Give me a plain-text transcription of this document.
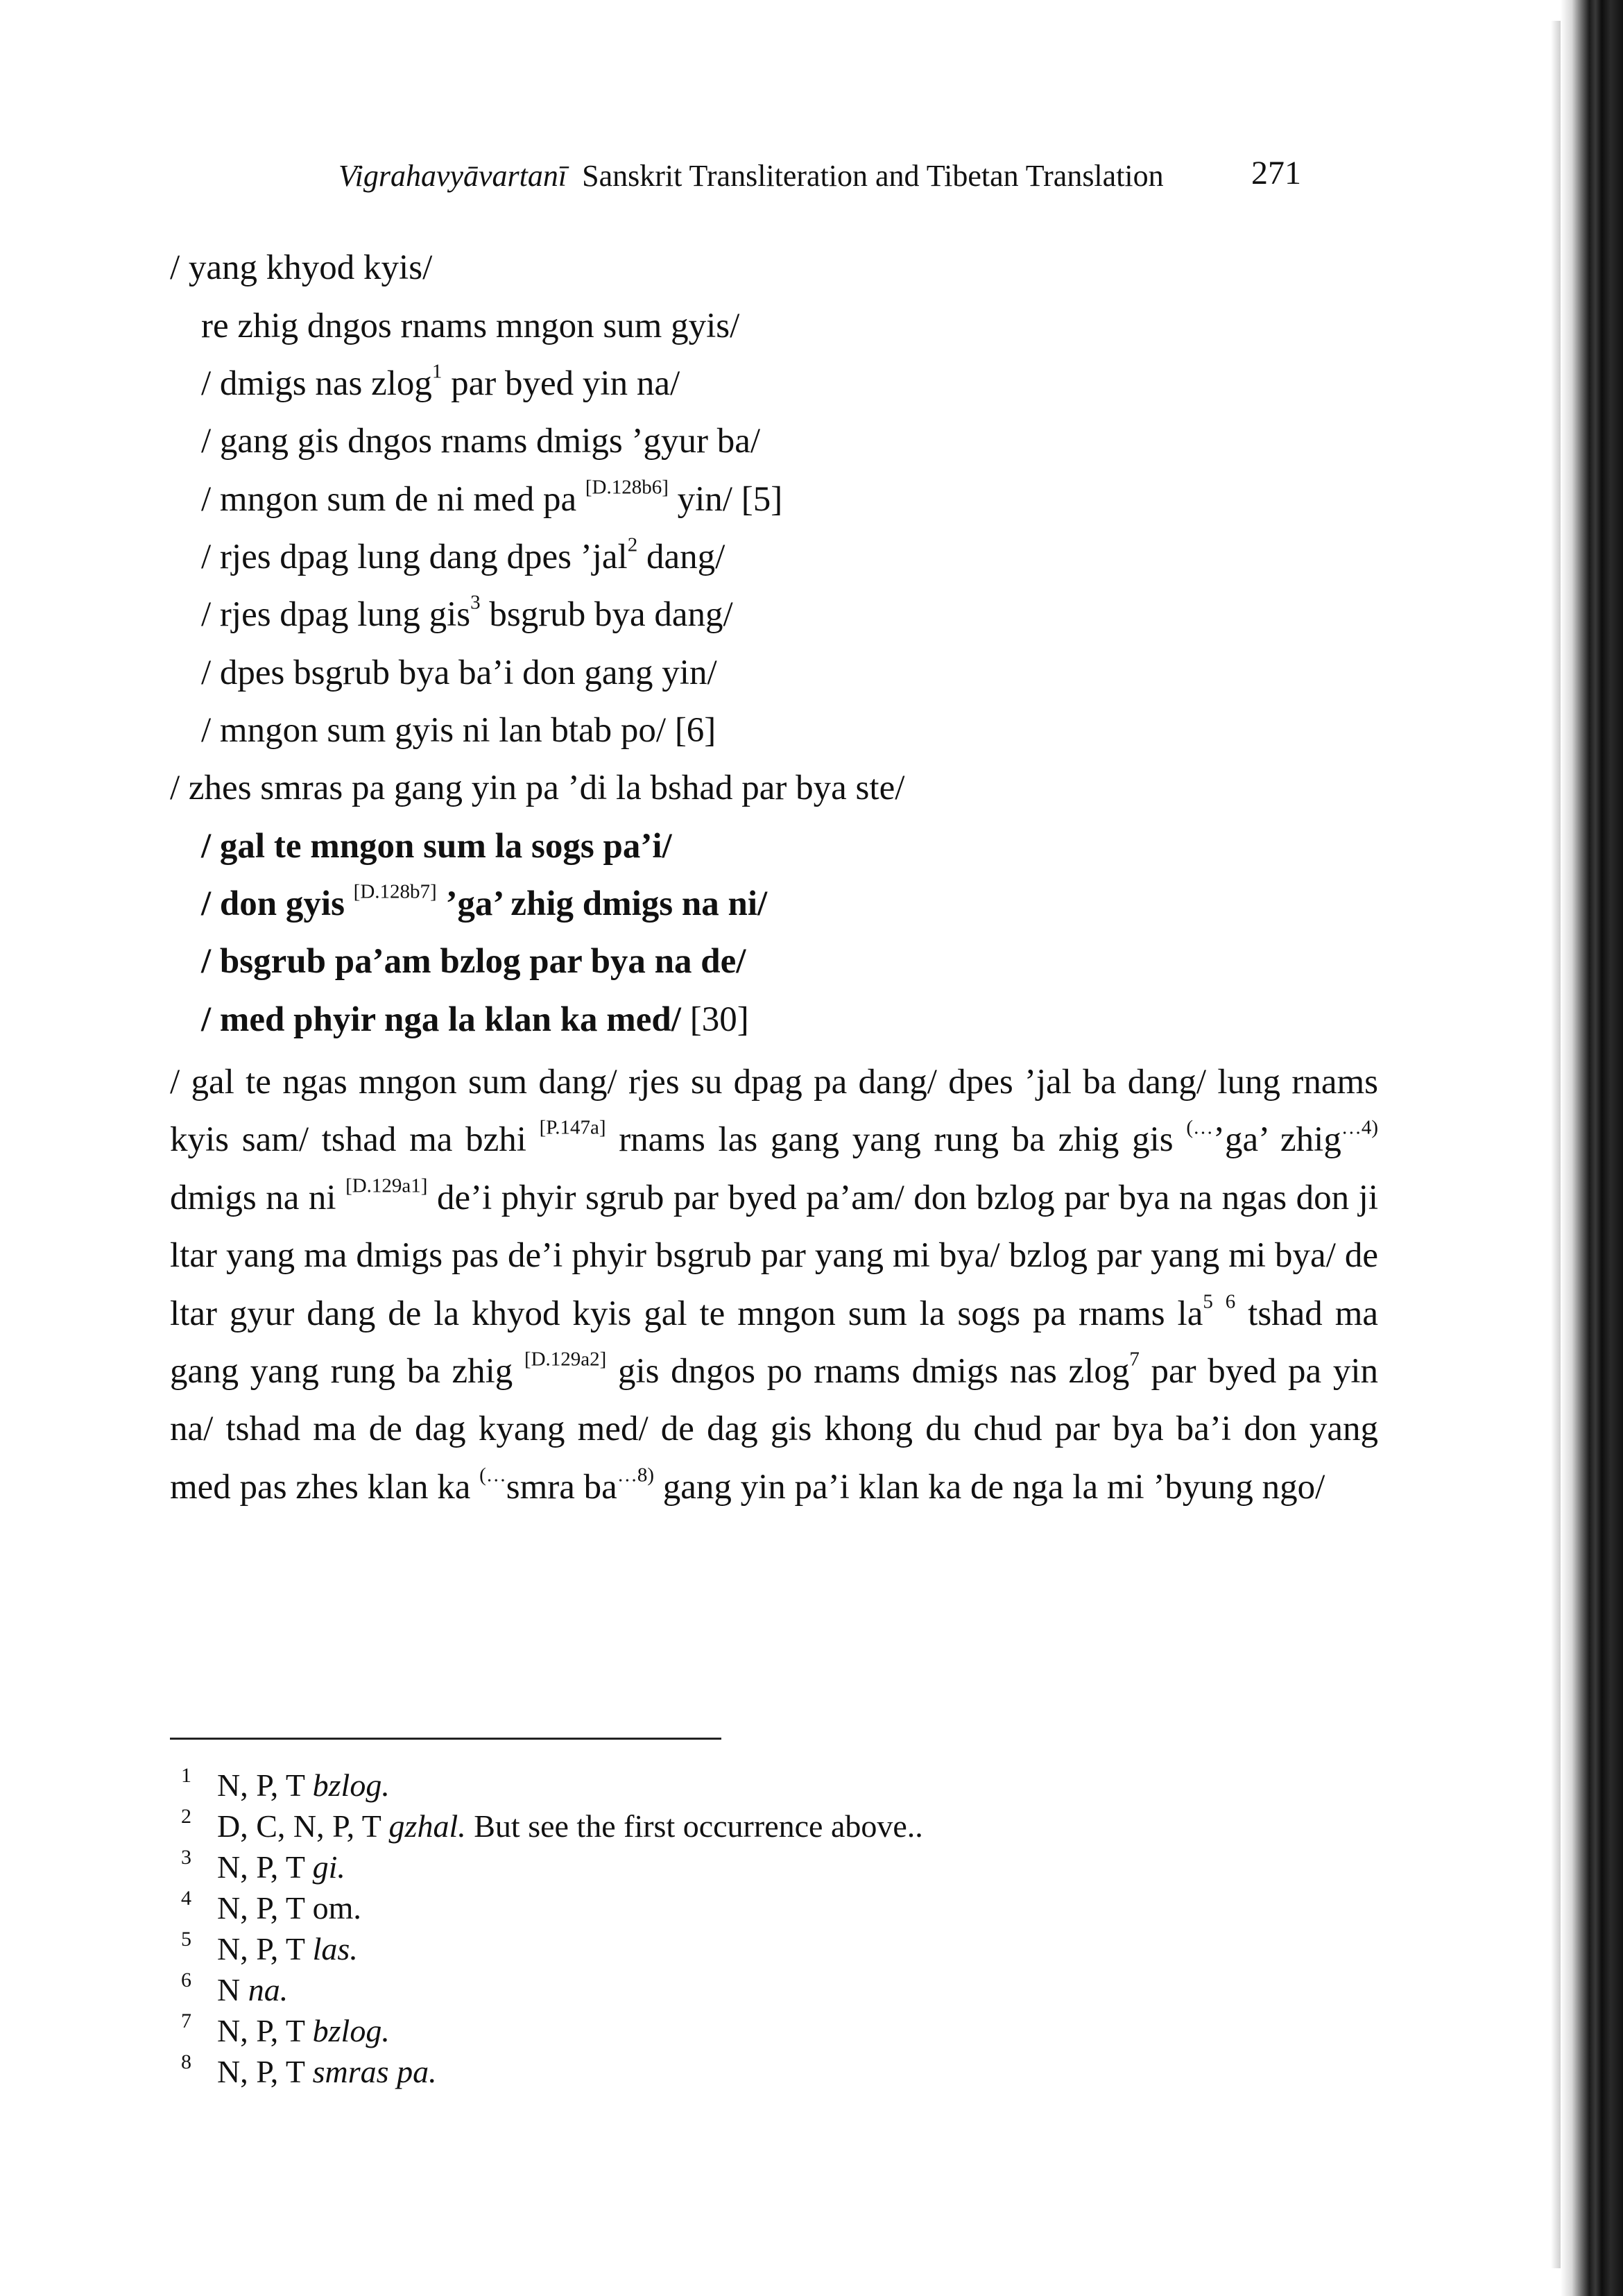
Vigrahavyāvartanī Sanskrit Transliteration and Tibetan Translation	271
/ yang khyod kyis/
re zhig dngos rnams mngon sum gyis/
/ dmigs nas zlog$^1$ par byed yin na/
/ gang gis dngos rnams dmigs ’gyur ba/
/ mngon sum de ni med pa [D.128b6] yin/ [5]
/ rjes dpag lung dang dpes ’jal$^2$ dang/
/ rjes dpag lung gis$^3$ bsgrub bya dang/
/ dpes bsgrub bya ba’i don gang yin/
/ mngon sum gyis ni lan btab po/ [6]
/ zhes smras pa gang yin pa ’di la bshad par bya ste/
/ gal te mngon sum la sogs pa’i/
/ don gyis [D.128b7] ’ga’ zhig dmigs na ni/
/ bsgrub pa’am bzlog par bya na de/
/ med phyir nga la klan ka med/ [30]
/ gal te ngas mngon sum dang/ rjes su dpag pa dang/ dpes ’jal ba dang/ lung rnams kyis sam/ tshad ma bzhi [P.147a] rnams las gang yang rung ba zhig gis (…’ga’ zhig$^{\dots 4)}$ dmigs na ni [D.129a1] de’i phyir sgrub par byed pa’am/ don bzlog par bya na ngas don ji ltar yang ma dmigs pas de’i phyir bsgrub par yang mi bya/ bzlog par yang mi bya/ de ltar gyur dang de la khyod kyis gal te mngon sum la sogs pa rnams $la^5$ $^6$ tshad ma gang yang rung ba zhig [D.129a2] gis dngos po rnams dmigs nas zlog$^7$ par byed pa yin na/ tshad ma de dag kyang med/ de dag gis khong du chud par bya ba’i don yang med pas zhes klan ka (…smra $ba^{\dots 8)}$ gang yin pa’i klan ka de nga la mi ’byung ngo/
1 N, P, T bzlog.
2 D, C, N, P, T gzhal. But see the first occurrence above..
3 N, P, T gi.
4 N, P, T om.
5 N, P, T las.
6 N na.
7 N, P, T bzlog.
8 N, P, T smras pa.
